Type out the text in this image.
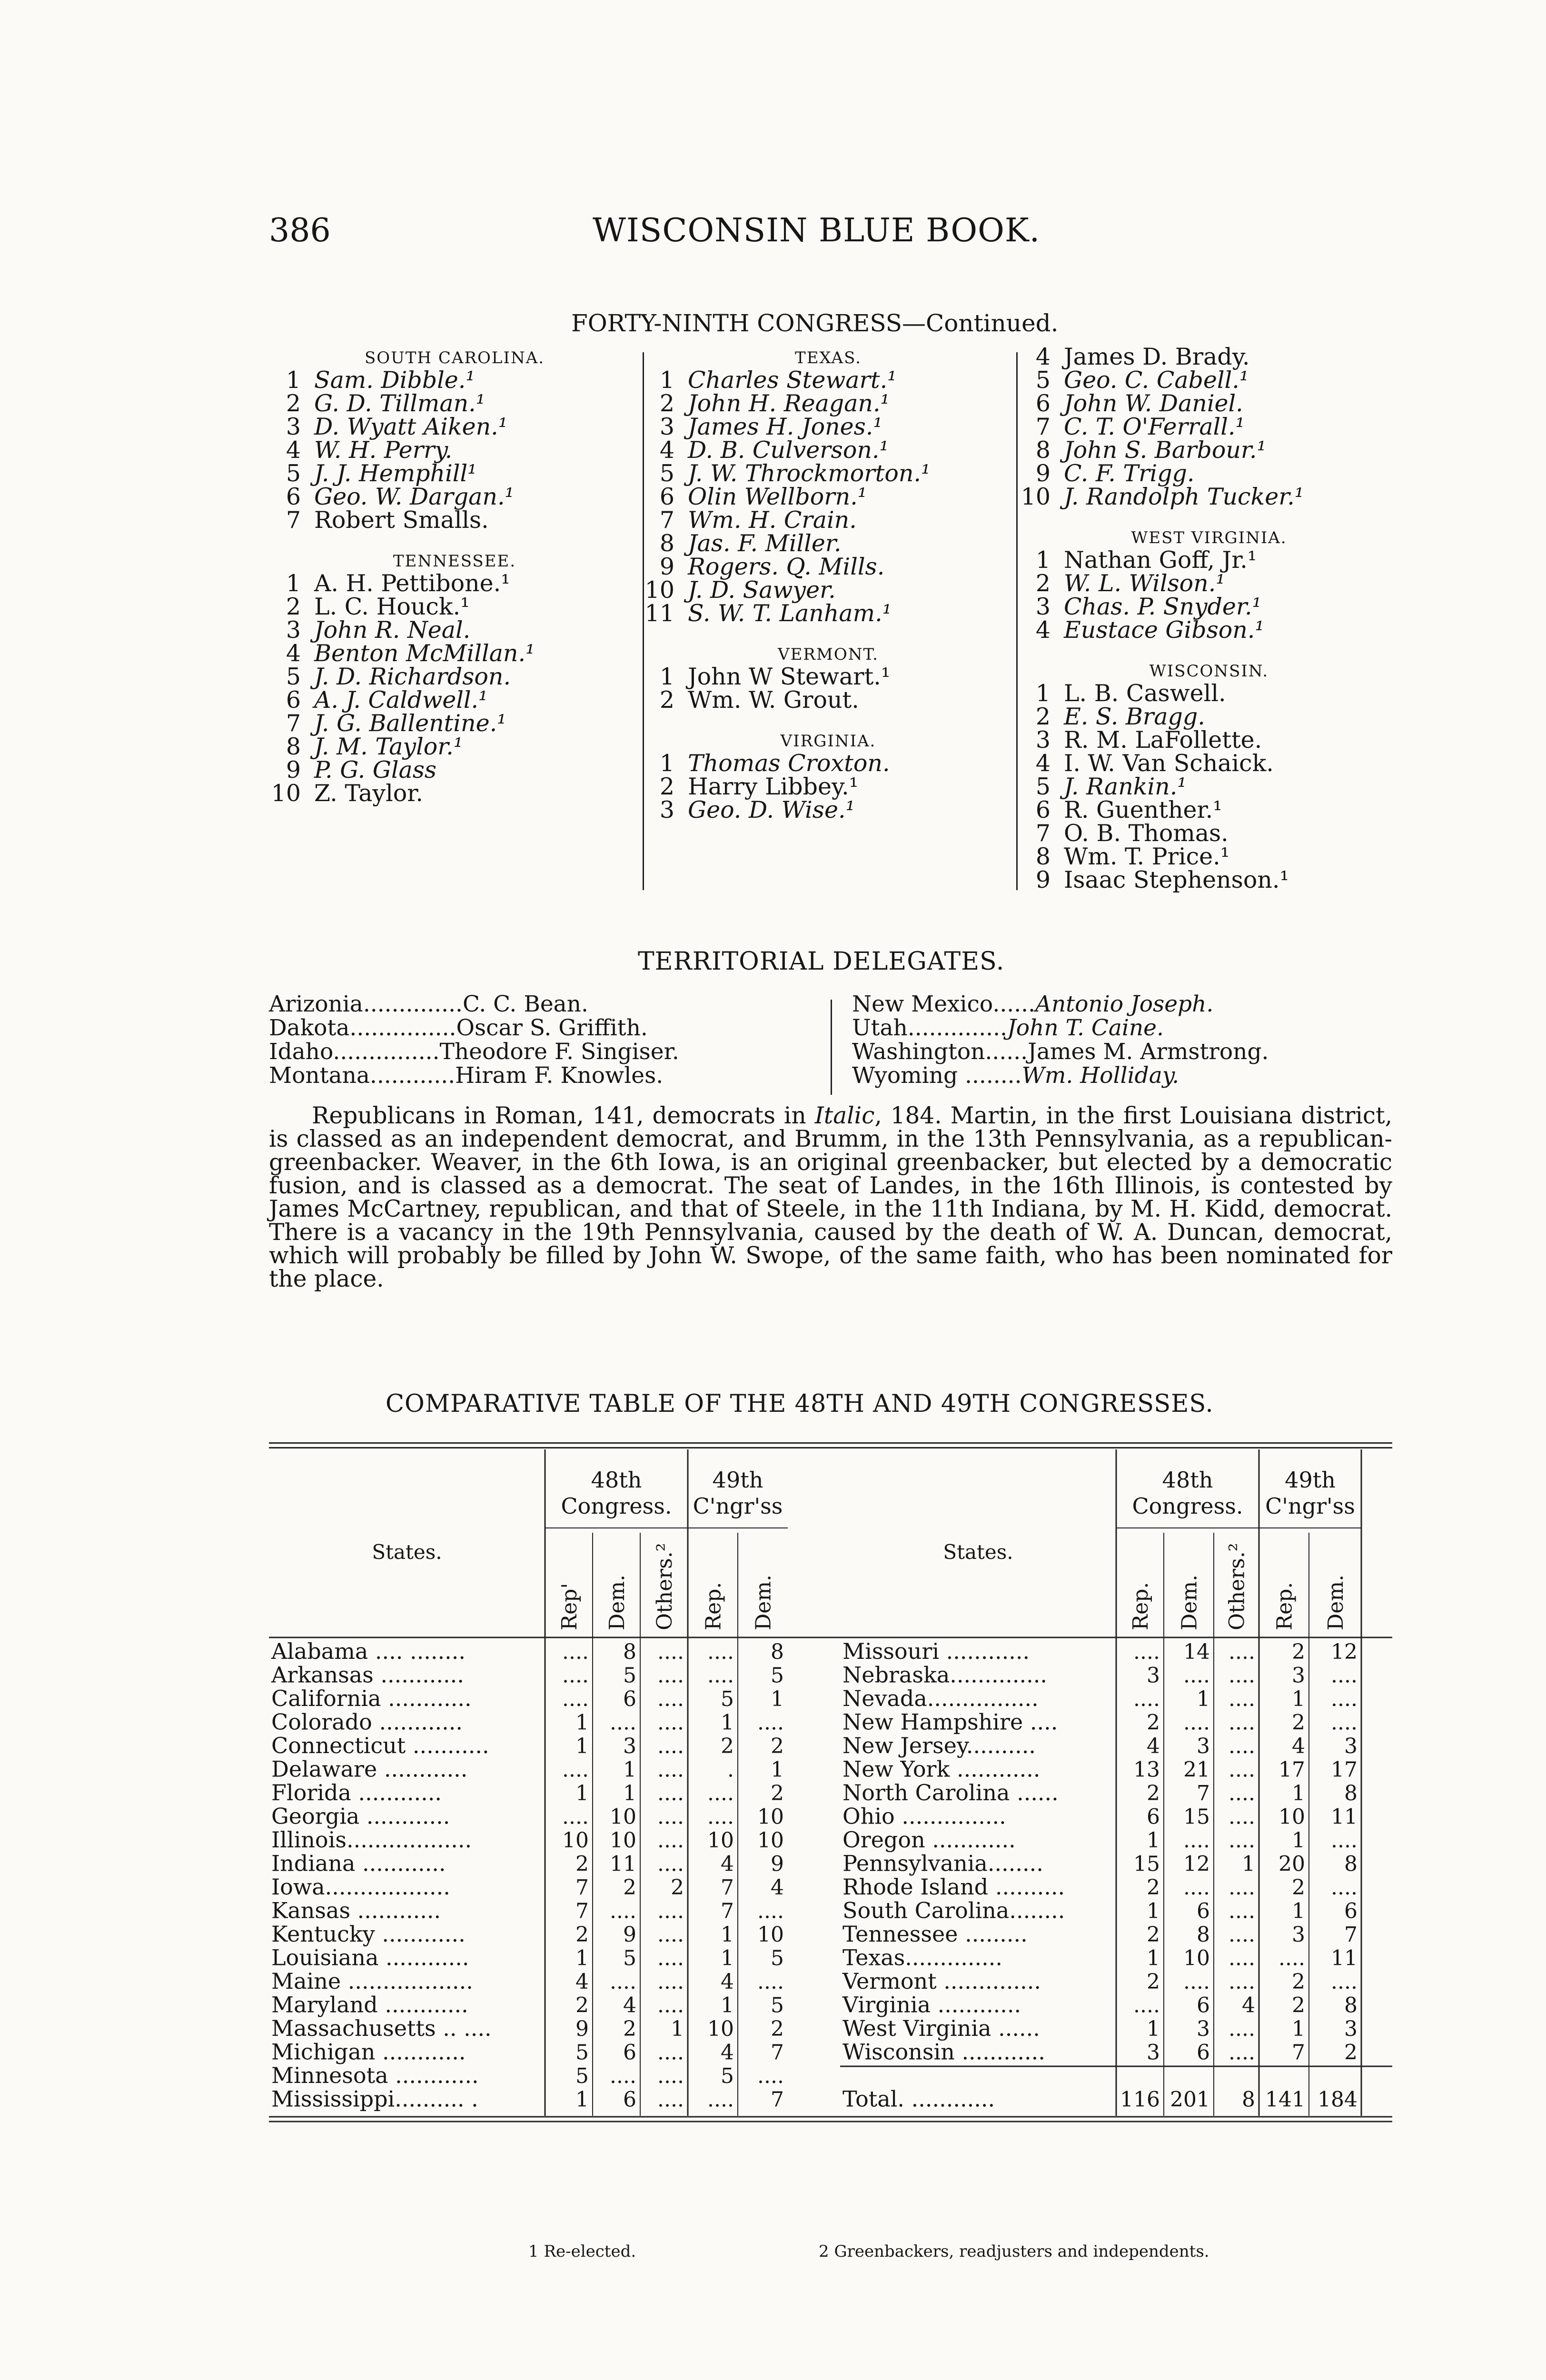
386	WISCONSIN BLUE BOOK.
FORTY-NINTH CONGRESS—Continued.
SOUTH CAROLINA.
1 Sam. Dibble.¹
2 G. D. Tillman.¹
3 D. Wyatt Aiken.¹
4 W. H. Perry.
5 J. J. Hemphill¹
6 Geo. W. Dargan.¹
7 Robert Smalls.
TENNESSEE.
1 A. H. Pettibone.¹
2 L. C. Houck.¹
3 John R. Neal.
4 Benton McMillan.¹
5 J. D. Richardson.
6 A. J. Caldwell.¹
7 J. G. Ballentine.¹
8 J. M. Taylor.¹
9 P. G. Glass
10 Z. Taylor.
TEXAS.
1 Charles Stewart.¹
2 John H. Reagan.¹
3 James H. Jones.¹
4 D. B. Culverson.¹
5 J. W. Throckmorton.¹
6 Olin Wellborn.¹
7 Wm. H. Crain.
8 Jas. F. Miller.
9 Rogers. Q. Mills.
10 J. D. Sawyer.
11 S. W. T. Lanham.¹
VERMONT.
1 John W Stewart.¹
2 Wm. W. Grout.
VIRGINIA.
1 Thomas Croxton.
2 Harry Libbey.¹
3 Geo. D. Wise.¹
4 James D. Brady.
5 Geo. C. Cabell.¹
6 John W. Daniel.
7 C. T. O'Ferrall.¹
8 John S. Barbour.¹
9 C. F. Trigg.
10 J. Randolph Tucker.¹
WEST VIRGINIA.
1 Nathan Goff, Jr.¹
2 W. L. Wilson.¹
3 Chas. P. Snyder.¹
4 Eustace Gibson.¹
WISCONSIN.
1 L. B. Caswell.
2 E. S. Bragg.
3 R. M. LaFollette.
4 I. W. Van Schaick.
5 J. Rankin.¹
6 R. Guenther.¹
7 O. B. Thomas.
8 Wm. T. Price.¹
9 Isaac Stephenson.¹
TERRITORIAL DELEGATES.
Arizonia..............C. C. Bean.
Dakota...............Oscar S. Griffith.
Idaho...............Theodore F. Singiser.
Montana............Hiram F. Knowles.
New Mexico......Antonio Joseph.
Utah..............John T. Caine.
Washington......James M. Armstrong.
Wyoming ........Wm. Holliday.

Republicans in Roman, 141, democrats in Italic, 184. Martin, in the first Louisiana district, is classed as an independent democrat, and Brumm, in the 13th Pennsylvania, as a republican-greenbacker. Weaver, in the 6th Iowa, is an original greenbacker, but elected by a democratic fusion, and is classed as a democrat. The seat of Landes, in the 16th Illinois, is contested by James McCartney, republican, and that of Steele, in the 11th Indiana, by M. H. Kidd, democrat. There is a vacancy in the 19th Pennsylvania, caused by the death of W. A. Duncan, democrat, which will probably be filled by John W. Swope, of the same faith, who has been nominated for the place.

COMPARATIVE TABLE OF THE 48TH AND 49TH CONGRESSES.
48th
Congress.
49th
C'ngr'ss
States.
Rep' Dem. Others.² Rep. Dem.
Alabama .... ........	.... 8 .... .... 8
Arkansas ............	.... 5 .... .... 5
California ............	.... 6 .... 5 1
Colorado ............	1 .... .... 1 ....
Connecticut ...........	1 3 .... 2 2
Delaware ............	.... 1 .... . 1
Florida ............	1 1 .... .... 2
Georgia ............	.... 10 .... .... 10
Illinois..................	10 10 .... 10 10
Indiana ............	2 11 .... 4 9
Iowa..................	7 2 2 7 4
Kansas ............	7 .... .... 7 ....
Kentucky ............	2 9 .... 1 10
Louisiana ............	1 5 .... 1 5
Maine ..................	4 .... .... 4 ....
Maryland ............	2 4 .... 1 5
Massachusetts .. ....	9 2 1 10 2
Michigan ............	5 6 .... 4 7
Minnesota ............	5 .... .... 5 ....
Mississippi.......... .	1 6 .... .... 7
48th
Congress.
49th
C'ngr'ss
States.
Rep. Dem. Others.² Rep. Dem.
Missouri ............	.... 14 .... 2 12
Nebraska..............	3 .... .... 3 ....
Nevada................	.... 1 .... 1 ....
New Hampshire ....	2 .... .... 2 ....
New Jersey..........	4 3 .... 4 3
New York ............	13 21 .... 17 17
North Carolina ......	2 7 .... 1 8
Ohio ...............	6 15 .... 10 11
Oregon ............	1 .... .... 1 ....
Pennsylvania........	15 12 1 20 8
Rhode Island ..........	2 .... .... 2 ....
South Carolina........	1 6 .... 1 6
Tennessee .........	2 8 .... 3 7
Texas..............	1 10 .... .... 11
Vermont ..............	2 .... .... 2 ....
Virginia ............	.... 6 4 2 8
West Virginia ......	1 3 .... 1 3
Wisconsin ............	3 6 .... 7 2
Total. ............	116 201 8 141 184
1 Re-elected.	2 Greenbackers, readjusters and independents.
